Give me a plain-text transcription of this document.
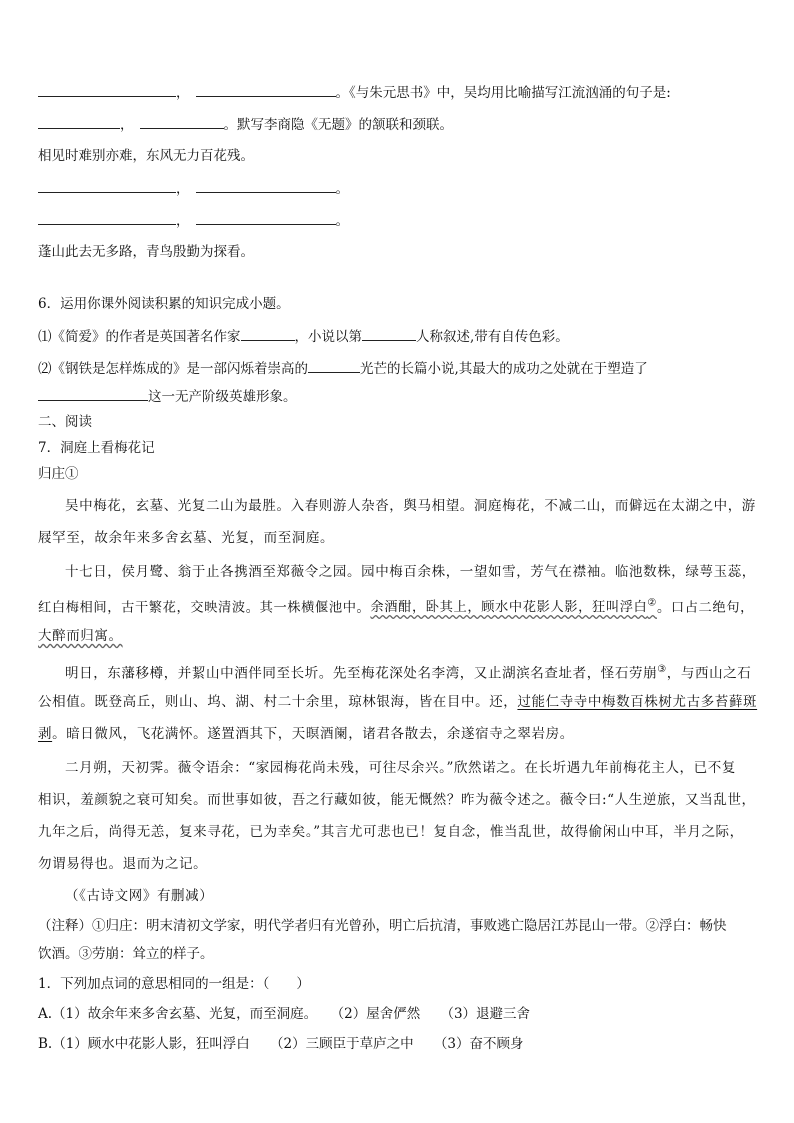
，	。《与朱元思书》中，吴均用比喻描写江流汹涌的句子是:
，	。默写李商隐《无题》的颔联和颈联。
相见时难别亦难，东风无力百花残。
，	。
，	。
蓬山此去无多路，青鸟殷勤为探看。
6．运用你课外阅读积累的知识完成小题。
⑴《简爱》的作者是英国著名作家	，小说以第	人称叙述,带有自传色彩。
⑵《钢铁是怎样炼成的》是一部闪烁着崇高的	光芒的长篇小说,其最大的成功之处就在于塑造了
这一无产阶级英雄形象。
二、阅读
7．洞庭上看梅花记
归庄①
吴中梅花，玄墓、光复二山为最胜。入春则游人杂沓，舆马相望。洞庭梅花，不减二山，而僻远在太湖之中，游
屐罕至，故余年来多舍玄墓、光复，而至洞庭。
十七日，侯月鹭、翁于止各携酒至郑薇令之园。园中梅百余株，一望如雪，芳气在襟袖。临池数株，绿萼玉蕊，
红白梅相间，古干繁花，交映清波。其一株横偃池中。余酒酣，卧其上，顾水中花影人影，狂叫浮白②。口占二绝句，
大醉而归寓。
明日，东藩移樽，并絜山中酒伴同至长圻。先至梅花深处名李湾，又止湖滨名查址者，怪石劳崩③，与西山之石
公相值。既登高丘，则山、坞、湖、村二十余里，琼林银海，皆在目中。还，过能仁寺寺中梅数百株树尤古多苔藓斑
剥。暗日微风，飞花满怀。遂置酒其下，天暝酒阑，诸君各散去，余遂宿寺之翠岩房。
二月朔，天初霁。薇令语余：“家园梅花尚未残，可往尽余兴。”欣然诺之。在长圻遇九年前梅花主人，已不复
相识，羞颜貌之衰可知矣。而世事如彼，吾之行藏如彼，能无慨然？昨为薇令述之。薇令曰:“人生逆旅，又当乱世，
九年之后，尚得无恙，复来寻花，已为幸矣。”其言尤可悲也已！复自念，惟当乱世，故得偷闲山中耳，半月之际，
勿谓易得也。退而为之记。
（《古诗文网》有删减）
（注释）①归庄：明末清初文学家，明代学者归有光曾孙，明亡后抗清，事败逃亡隐居江苏昆山一带。②浮白：畅快
饮酒。③劳崩：耸立的样子。
1．下列加点词的意思相同的一组是：（　　）
A.（1）故余年来多舍玄墓、光复，而至洞庭。　　（2）屋舍俨然　　（3）退避三舍
B.（1）顾水中花影人影，狂叫浮白　　（2）三顾臣于草庐之中　　（3）奋不顾身
